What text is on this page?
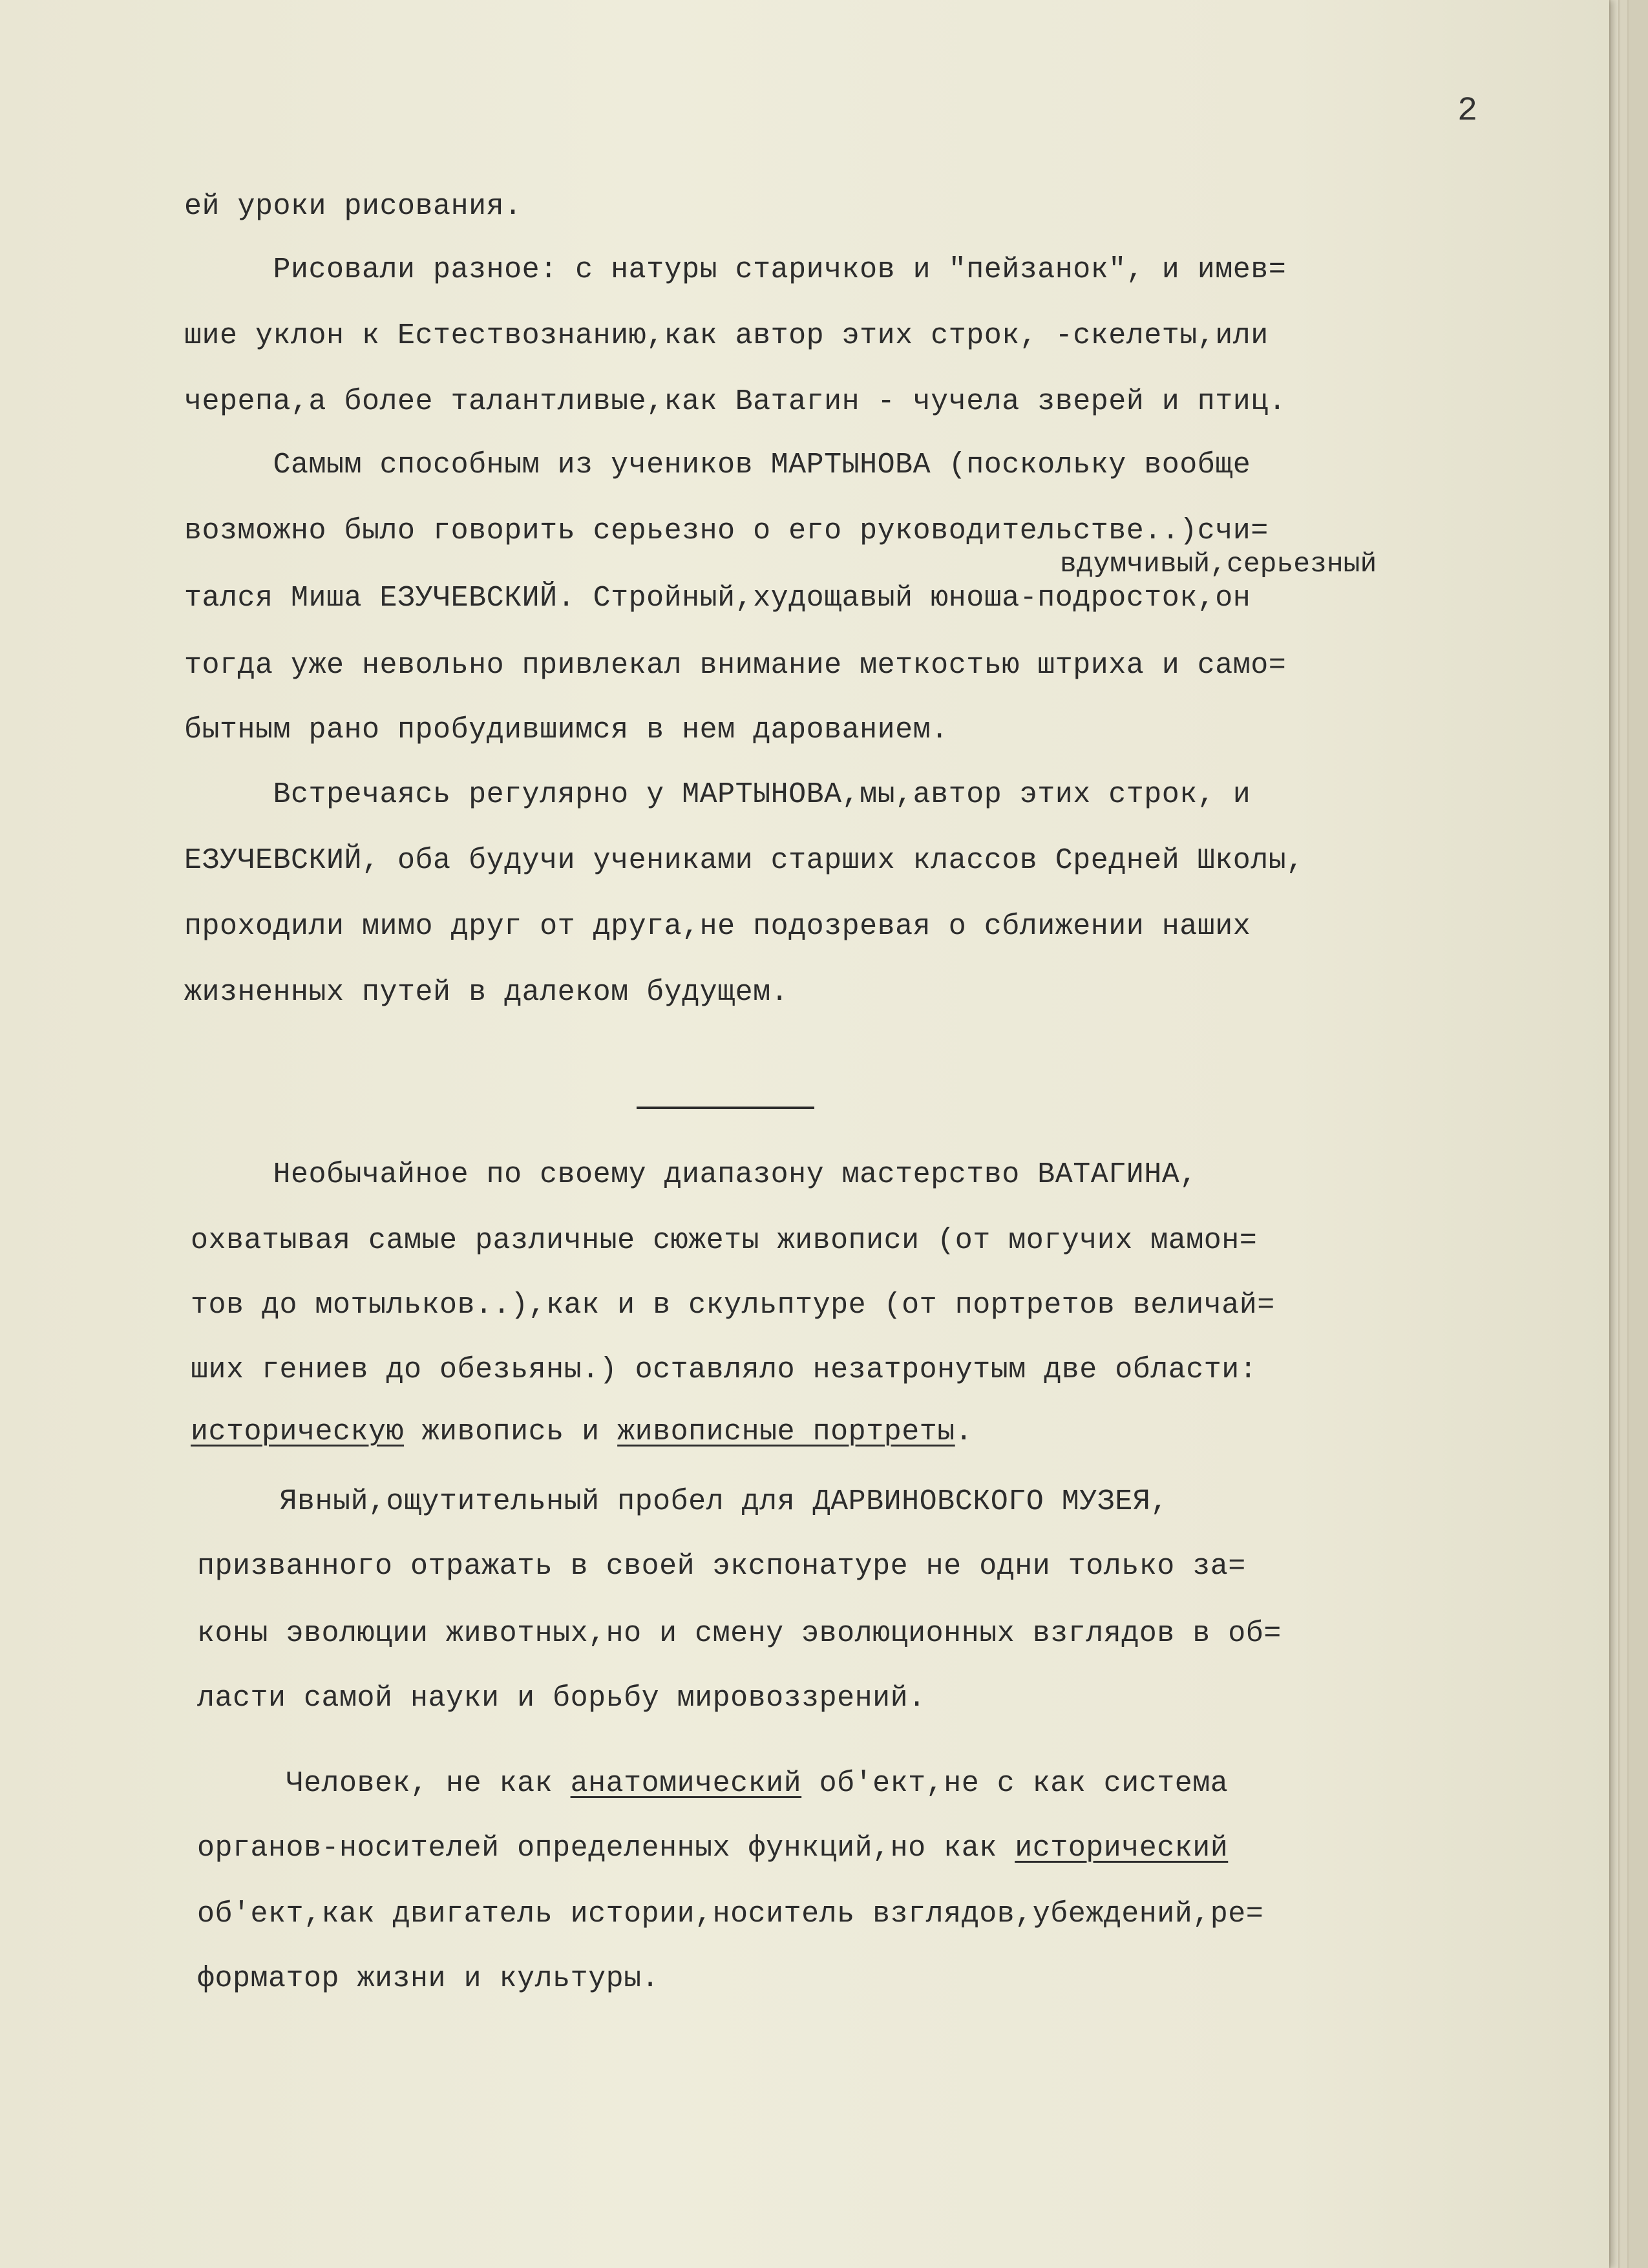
2
вдумчивый,серьезный
ей уроки рисования.
Рисовали разное: с натуры старичков и "пейзанок", и имев=
шие уклон к Естествознанию,как автор этих строк, -скелеты,или
черепа,а более талантливые,как Ватагин - чучела зверей и птиц.
Самым способным из учеников МАРТЫНОВА (поскольку вообще
возможно было говорить серьезно о его руководительстве..)счи=
тался Миша ЕЗУЧЕВСКИЙ. Стройный,худощавый юноша-подросток,он
тогда уже невольно привлекал внимание меткостью штриха и само=
бытным рано пробудившимся в нем дарованием.
Встречаясь регулярно у МАРТЫНОВА,мы,автор этих строк, и
ЕЗУЧЕВСКИЙ, оба будучи учениками старших классов Средней Школы,
проходили мимо друг от друга,не подозревая о сближении наших
жизненных путей в далеком будущем.
Необычайное по своему диапазону мастерство ВАТАГИНА,
охватывая самые различные сюжеты живописи (от могучих мамон=
тов до мотыльков..),как и в скульптуре (от портретов величай=
ших гениев до обезьяны.) оставляло незатронутым две области:
историческую живопись и живописные портреты.
Явный,ощутительный пробел для ДАРВИНОВСКОГО МУЗЕЯ,
призванного отражать в своей экспонатуре не одни только за=
коны эволюции животных,но и смену эволюционных взглядов в об=
ласти самой науки и борьбу мировоззрений.
Человек, не как анатомический об'ект,не с как система
органов-носителей определенных функций,но как исторический
об'ект,как двигатель истории,носитель взглядов,убеждений,ре=
форматор жизни и культуры.
